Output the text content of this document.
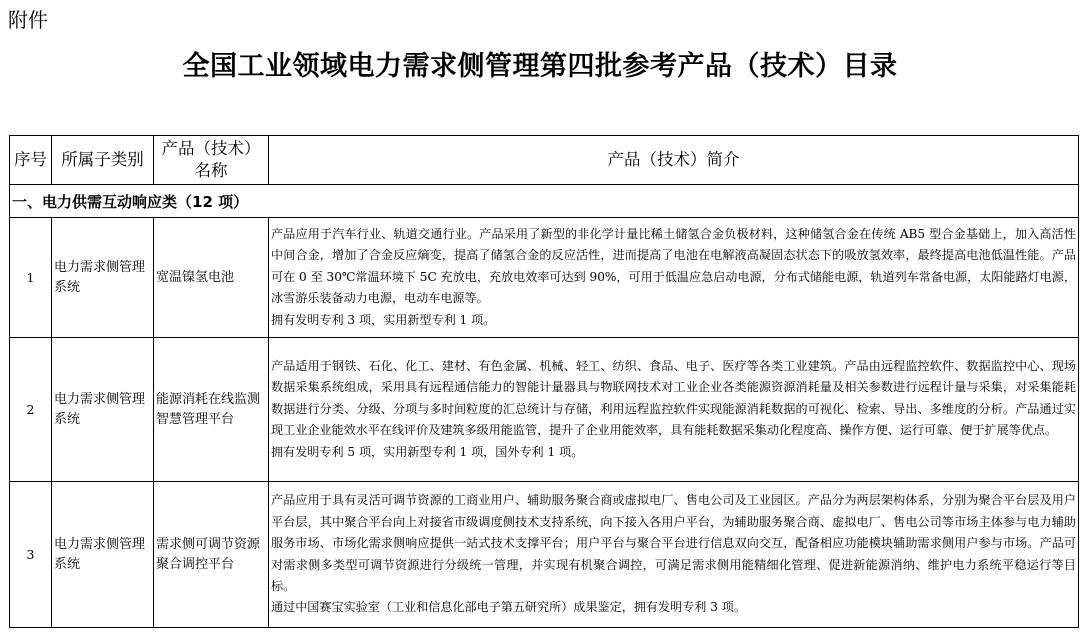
附件
全国工业领域电力需求侧管理第四批参考产品（技术）目录
序号	所属子类别	产品（技术）名称	产品（技术）简介
一、电力供需互动响应类（12 项）			
1	电力需求侧管理系统	宽温镍氢电池	产品应用于汽车行业、轨道交通行业。产品采用了新型的非化学计量比稀土储氢合金负极材料，这种储氢合金在传统 AB5 型合金基础上，加入高活性中间合金，增加了合金反应熵变，提高了储氢合金的反应活性，进而提高了电池在电解液高凝固态状态下的吸放氢效率，最终提高电池低温性能。产品可在 0 至 30℃常温环境下 5C 充放电，充放电效率可达到 90%，可用于低温应急启动电源，分布式储能电源，轨道列车常备电源，太阳能路灯电源，冰雪游乐装备动力电源，电动车电源等。

拥有发明专利 3 项，实用新型专利 1 项。

2	电力需求侧管理系统	能源消耗在线监测智慧管理平台	产品适用于钢铁、石化、化工、建材、有色金属、机械、轻工、纺织、食品、电子、医疗等各类工业建筑。产品由远程监控软件、数据监控中心、现场数据采集系统组成，采用具有远程通信能力的智能计量器具与物联网技术对工业企业各类能源资源消耗量及相关参数进行远程计量与采集，对采集能耗数据进行分类、分级、分项与多时间粒度的汇总统计与存储，利用远程监控软件实现能源消耗数据的可视化、检索、导出、多维度的分析。产品通过实现工业企业能效水平在线评价及建筑多级用能监管，提升了企业用能效率，具有能耗数据采集动化程度高、操作方便、运行可靠、便于扩展等优点。

拥有发明专利 5 项，实用新型专利 1 项，国外专利 1 项。

3	电力需求侧管理系统	需求侧可调节资源聚合调控平台	产品应用于具有灵活可调节资源的工商业用户、辅助服务聚合商或虚拟电厂、售电公司及工业园区。产品分为两层架构体系，分别为聚合平台层及用户平台层，其中聚合平台向上对接省市级调度侧技术支持系统，向下接入各用户平台，为辅助服务聚合商、虚拟电厂、售电公司等市场主体参与电力辅助服务市场、市场化需求侧响应提供一站式技术支撑平台；用户平台与聚合平台进行信息双向交互，配备相应功能模块辅助需求侧用户参与市场。产品可对需求侧多类型可调节资源进行分级统一管理，并实现有机聚合调控，可满足需求侧用能精细化管理、促进新能源消纳、维护电力系统平稳运行等目标。

通过中国赛宝实验室（工业和信息化部电子第五研究所）成果鉴定，拥有发明专利 3 项。
